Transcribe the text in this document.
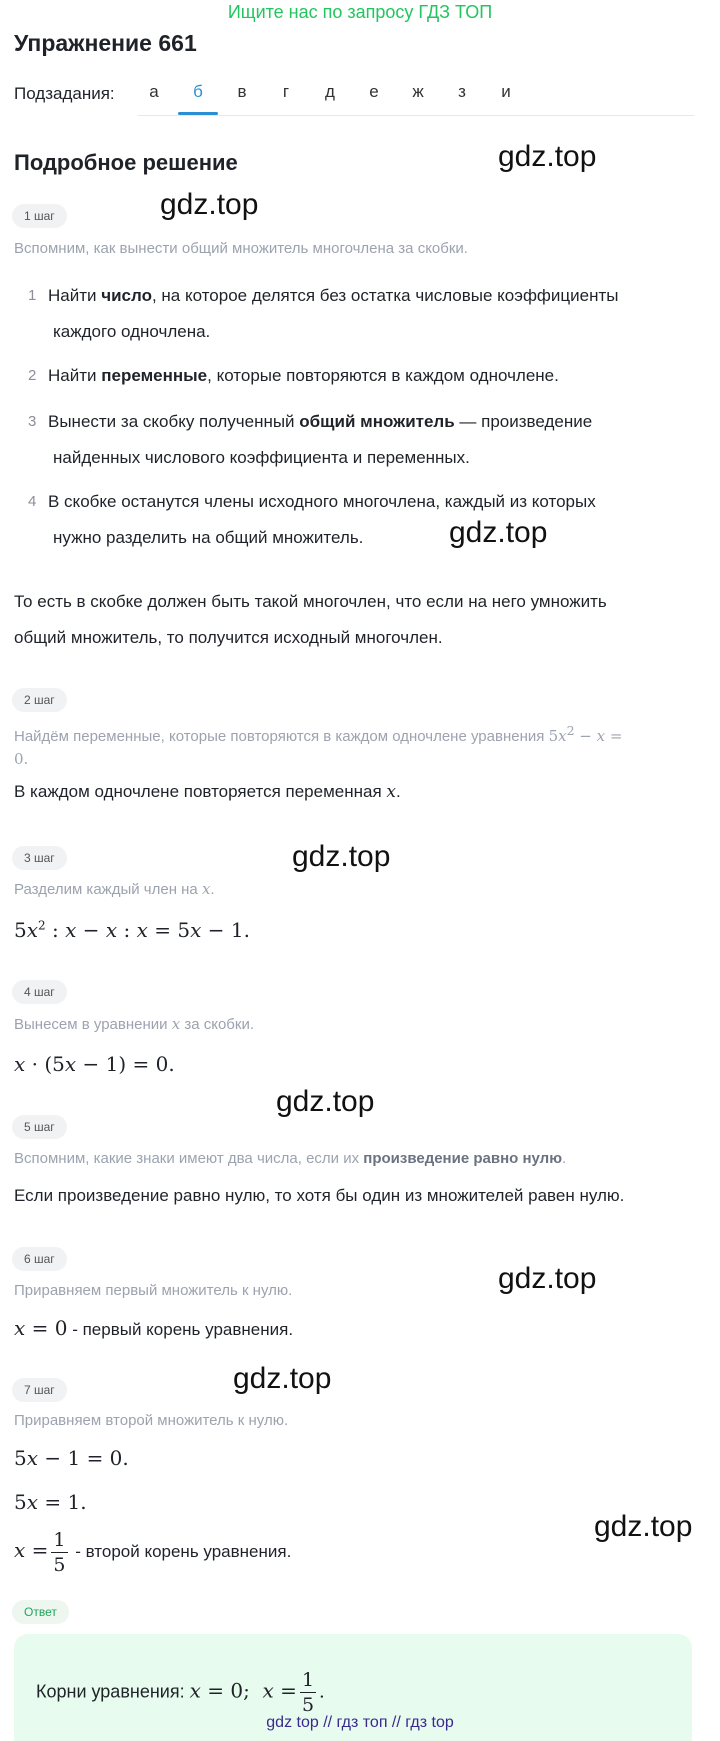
Ищите нас по запросу ГДЗ ТОП
Упражнение 661
Подзадания:	а	б	в	г	д	е	ж	з	и
Подробное решение
1 шаг
Вспомним, как вынести общий множитель многочлена за скобки.
1 Найти число, на которое делятся без остатка числовые коэффициенты
каждого одночлена.
2 Найти переменные, которые повторяются в каждом одночлене.
3 Вынести за скобку полученный общий множитель — произведение
найденных числового коэффициента и переменных.
4 В скобке останутся члены исходного многочлена, каждый из которых
нужно разделить на общий множитель.
То есть в скобке должен быть такой многочлен, что если на него умножить
общий множитель, то получится исходный многочлен.
2 шаг
Найдём переменные, которые повторяются в каждом одночлене уравнения $5x^2 - x$ =
0.
В каждом одночлене повторяется переменная x.
3 шаг
Разделим каждый член на x.
$5x^2$ : x − x : x = 5x − 1.
4 шаг
Вынесем в уравнении x за скобки.
x · (5x − 1) = 0.
5 шаг
Вспомним, какие знаки имеют два числа, если их произведение равно нулю.
Если произведение равно нулю, то хотя бы один из множителей равен нулю.
6 шаг
Приравняем первый множитель к нулю.
x = 0 - первый корень уравнения.
7 шаг
Приравняем второй множитель к нулю.
5x − 1 = 0.
5x = 1.
$x = \frac{1}{5}$ - второй корень уравнения.
Ответ
Корни уравнения: x = 0;  $x = \frac{1}{5}$ .
gdz.top
gdz.top
gdz.top
gdz.top
gdz.top
gdz.top
gdz.top
gdz.top
gdz top // гдз топ // гдз top
